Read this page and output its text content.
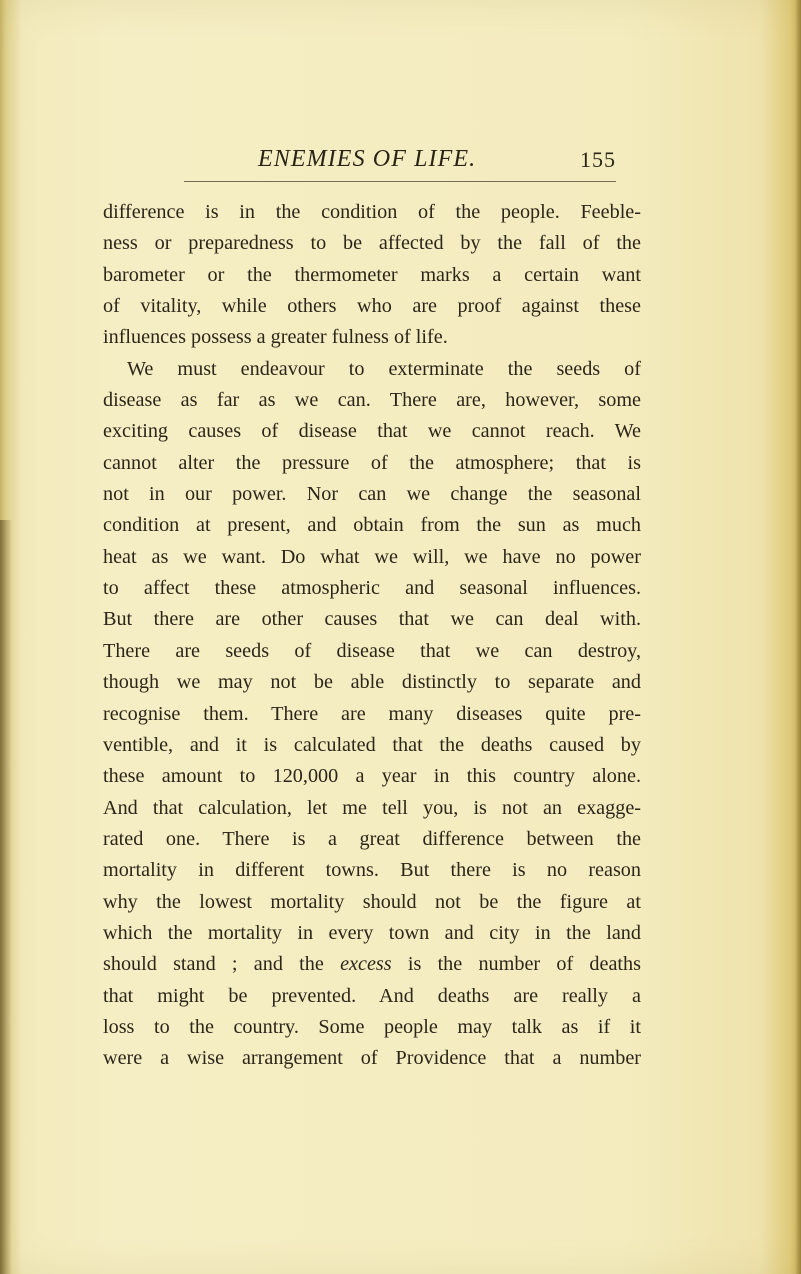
ENEMIES OF LIFE.	155
difference is in the condition of the people. Feeble-
ness or preparedness to be affected by the fall of the
barometer or the thermometer marks a certain want
of vitality, while others who are proof against these
influences possess a greater fulness of life.
We must endeavour to exterminate the seeds of
disease as far as we can. There are, however, some
exciting causes of disease that we cannot reach. We
cannot alter the pressure of the atmosphere; that is
not in our power. Nor can we change the seasonal
condition at present, and obtain from the sun as much
heat as we want. Do what we will, we have no power
to affect these atmospheric and seasonal influences.
But there are other causes that we can deal with.
There are seeds of disease that we can destroy,
though we may not be able distinctly to separate and
recognise them. There are many diseases quite pre-
ventible, and it is calculated that the deaths caused by
these amount to 120,000 a year in this country alone.
And that calculation, let me tell you, is not an exagge-
rated one. There is a great difference between the
mortality in different towns. But there is no reason
why the lowest mortality should not be the figure at
which the mortality in every town and city in the land
should stand ; and the excess is the number of deaths
that might be prevented. And deaths are really a
loss to the country. Some people may talk as if it
were a wise arrangement of Providence that a number
